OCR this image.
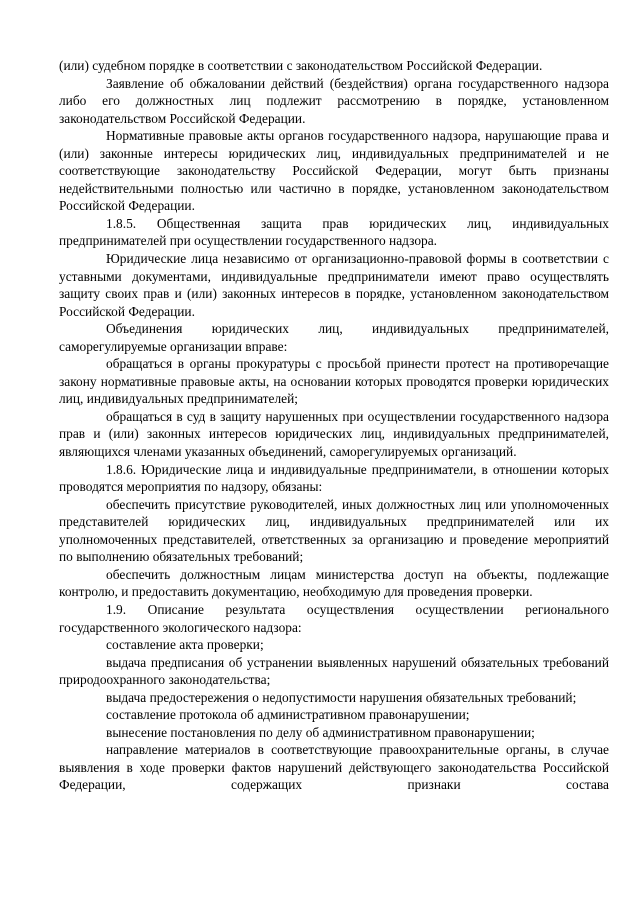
(или) судебном порядке в соответствии с законодательством Российской Федерации.

Заявление об обжаловании действий (бездействия) органа государственного надзора либо его должностных лиц подлежит рассмотрению в порядке, установленном законодательством Российской Федерации.

Нормативные правовые акты органов государственного надзора, нарушающие права и (или) законные интересы юридических лиц, индивидуальных предпринимателей и не соответствующие законодательству Российской Федерации, могут быть признаны недействительными полностью или частично в порядке, установленном законодательством Российской Федерации.

1.8.5. Общественная защита прав юридических лиц, индивидуальных предпринимателей при осуществлении государственного надзора.

Юридические лица независимо от организационно-правовой формы в соответствии с уставными документами, индивидуальные предприниматели имеют право осуществлять защиту своих прав и (или) законных интересов в порядке, установленном законодательством Российской Федерации.

Объединения юридических лиц, индивидуальных предпринимателей, саморегулируемые организации вправе:

обращаться в органы прокуратуры с просьбой принести протест на противоречащие закону нормативные правовые акты, на основании которых проводятся проверки юридических лиц, индивидуальных предпринимателей;

обращаться в суд в защиту нарушенных при осуществлении государственного надзора прав и (или) законных интересов юридических лиц, индивидуальных предпринимателей, являющихся членами указанных объединений, саморегулируемых организаций.

1.8.6. Юридические лица и индивидуальные предприниматели, в отношении которых проводятся мероприятия по надзору, обязаны:

обеспечить присутствие руководителей, иных должностных лиц или уполномоченных представителей юридических лиц, индивидуальных предпринимателей или их уполномоченных представителей, ответственных за организацию и проведение мероприятий по выполнению обязательных требований;

обеспечить должностным лицам министерства доступ на объекты, подлежащие контролю, и предоставить документацию, необходимую для проведения проверки.

1.9. Описание результата осуществления осуществлении регионального государственного экологического надзора:

составление акта проверки;

выдача предписания об устранении выявленных нарушений обязательных требований природоохранного законодательства;

выдача предостережения о недопустимости нарушения обязательных требований;

составление протокола об административном правонарушении;

вынесение постановления по делу об административном правонарушении;

направление материалов в соответствующие правоохранительные органы, в случае выявления в ходе проверки фактов нарушений действующего законодательства Российской Федерации, содержащих признаки состава
